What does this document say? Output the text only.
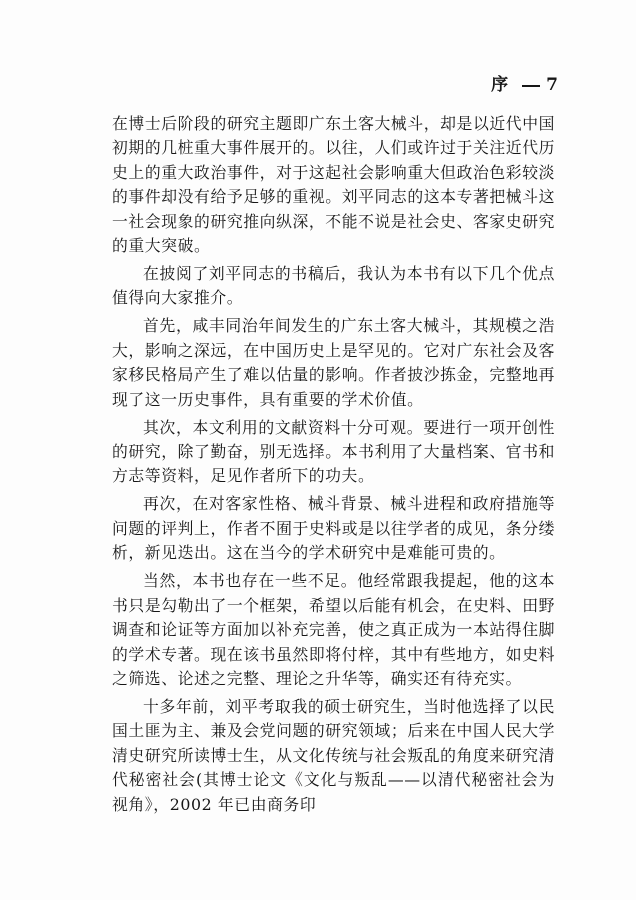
序 7

在博士后阶段的研究主题即广东土客大械斗，却是以近代中国初期的几桩重大事件展开的。以往，人们或许过于关注近代历史上的重大政治事件，对于这起社会影响重大但政治色彩较淡的事件却没有给予足够的重视。刘平同志的这本专著把械斗这一社会现象的研究推向纵深，不能不说是社会史、客家史研究的重大突破。

在披阅了刘平同志的书稿后，我认为本书有以下几个优点值得向大家推介。

首先，咸丰同治年间发生的广东土客大械斗，其规模之浩大，影响之深远，在中国历史上是罕见的。它对广东社会及客家移民格局产生了难以估量的影响。作者披沙拣金，完整地再现了这一历史事件，具有重要的学术价值。

其次，本文利用的文献资料十分可观。要进行一项开创性的研究，除了勤奋，别无选择。本书利用了大量档案、官书和方志等资料，足见作者所下的功夫。

再次，在对客家性格、械斗背景、械斗进程和政府措施等问题的评判上，作者不囿于史料或是以往学者的成见，条分缕析，新见迭出。这在当今的学术研究中是难能可贵的。

当然，本书也存在一些不足。他经常跟我提起，他的这本书只是勾勒出了一个框架，希望以后能有机会，在史料、田野调查和论证等方面加以补充完善，使之真正成为一本站得住脚的学术专著。现在该书虽然即将付梓，其中有些地方，如史料之筛选、论述之完整、理论之升华等，确实还有待充实。

十多年前，刘平考取我的硕士研究生，当时他选择了以民国土匪为主、兼及会党问题的研究领域；后来在中国人民大学清史研究所读博士生，从文化传统与社会叛乱的角度来研究清代秘密社会(其博士论文《文化与叛乱——以清代秘密社会为视角》，2002 年已由商务印
